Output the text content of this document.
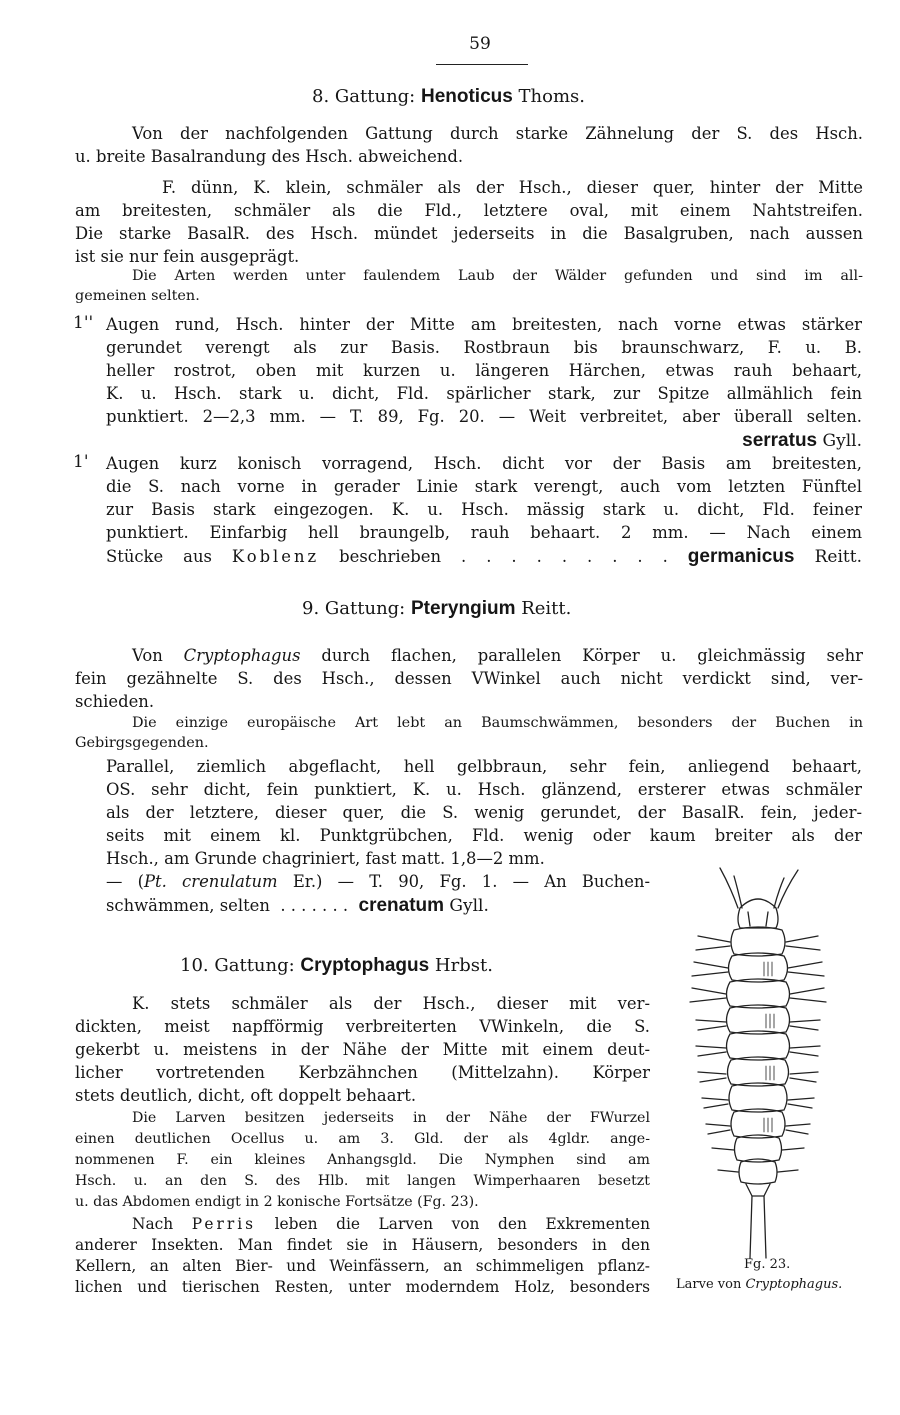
59
8. Gattung: Henoticus Thoms.
Von der nachfolgenden Gattung durch starke Zähnelung der S. des Hsch.
u. breite Basalrandung des Hsch. abweichend.
F. dünn, K. klein, schmäler als der Hsch., dieser quer, hinter der Mitte
am breitesten, schmäler als die Fld., letztere oval, mit einem Nahtstreifen.
Die starke BasalR. des Hsch. mündet jederseits in die Basalgruben, nach aussen
ist sie nur fein ausgeprägt.
Die Arten werden unter faulendem Laub der Wälder gefunden und sind im all-
gemeinen selten.
1'' Augen rund, Hsch. hinter der Mitte am breitesten, nach vorne etwas stärker
gerundet verengt als zur Basis. Rostbraun bis braunschwarz, F. u. B.
heller rostrot, oben mit kurzen u. längeren Härchen, etwas rauh behaart,
K. u. Hsch. stark u. dicht, Fld. spärlicher stark, zur Spitze allmählich fein
punktiert. 2—2,3 mm. — T. 89, Fg. 20. — Weit verbreitet, aber überall selten.
serratus Gyll.
1' Augen kurz konisch vorragend, Hsch. dicht vor der Basis am breitesten,
die S. nach vorne in gerader Linie stark verengt, auch vom letzten Fünftel
zur Basis stark eingezogen. K. u. Hsch. mässig stark u. dicht, Fld. feiner
punktiert. Einfarbig hell braungelb, rauh behaart. 2 mm. — Nach einem
Stücke aus Koblenz beschrieben . . . . . . . . . germanicus Reitt.
9. Gattung: Pteryngium Reitt.
Von Cryptophagus durch flachen, parallelen Körper u. gleichmässig sehr
fein gezähnelte S. des Hsch., dessen VWinkel auch nicht verdickt sind, ver-
schieden.
Die einzige europäische Art lebt an Baumschwämmen, besonders der Buchen in
Gebirgsgegenden.
Parallel, ziemlich abgeflacht, hell gelbbraun, sehr fein, anliegend behaart,
OS. sehr dicht, fein punktiert, K. u. Hsch. glänzend, ersterer etwas schmäler
als der letztere, dieser quer, die S. wenig gerundet, der BasalR. fein, jeder-
seits mit einem kl. Punktgrübchen, Fld. wenig oder kaum breiter als der
Hsch., am Grunde chagriniert, fast matt. 1,8—2 mm.
— (Pt. crenulatum Er.) — T. 90, Fg. 1. — An Buchen-
schwämmen, selten . . . . . . . crenatum Gyll.
10. Gattung: Cryptophagus Hrbst.
K. stets schmäler als der Hsch., dieser mit ver-
dickten, meist napfförmig verbreiterten VWinkeln, die S.
gekerbt u. meistens in der Nähe der Mitte mit einem deut-
licher vortretenden Kerbzähnchen (Mittelzahn). Körper
stets deutlich, dicht, oft doppelt behaart.
Die Larven besitzen jederseits in der Nähe der FWurzel
einen deutlichen Ocellus u. am 3. Gld. der als 4gldr. ange-
nommenen F. ein kleines Anhangsgld. Die Nymphen sind am
Hsch. u. an den S. des Hlb. mit langen Wimperhaaren besetzt
u. das Abdomen endigt in 2 konische Fortsätze (Fg. 23).
Nach Perris leben die Larven von den Exkrementen
anderer Insekten. Man findet sie in Häusern, besonders in den
Kellern, an alten Bier- und Weinfässern, an schimmeligen pflanz-
lichen und tierischen Resten, unter moderndem Holz, besonders
Fg. 23.
Larve von Cryptophagus.
